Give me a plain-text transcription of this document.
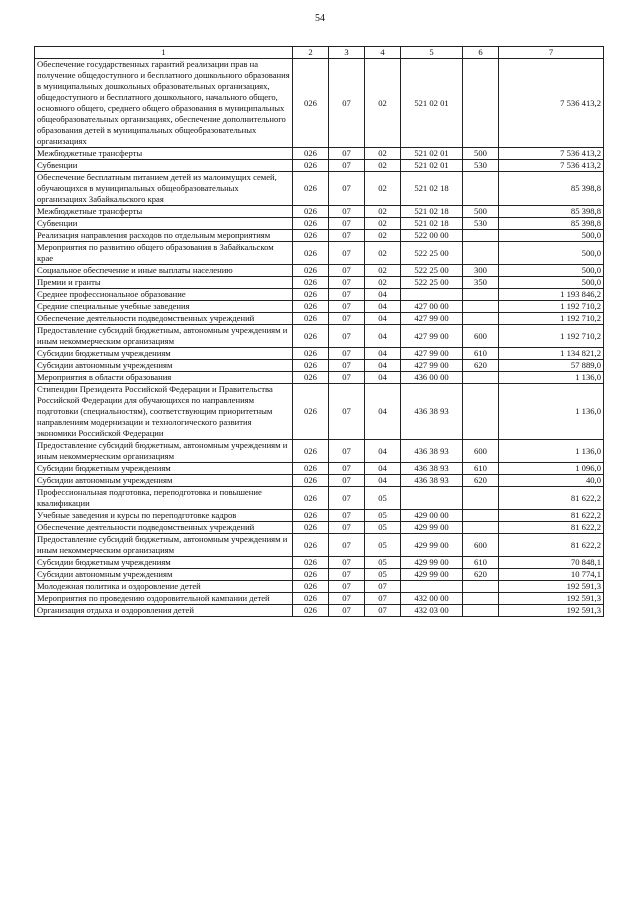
54
1	2	3	4	5	6	7
Обеспечение государственных гарантий реализации прав на получение общедоступного и бесплатного дошкольного образования в муниципальных дошкольных образовательных организациях, общедоступного и бесплатного дошкольного, начального общего, основного общего, среднего общего образования в муниципальных общеобразовательных организациях, обеспечение дополнительного образования детей в муниципальных общеобразовательных организациях	026	07	02	521 02 01		7 536 413,2
Межбюджетные трансферты	026	07	02	521 02 01	500	7 536 413,2
Субвенции	026	07	02	521 02 01	530	7 536 413,2
Обеспечение бесплатным питанием детей из малоимущих семей, обучающихся в муниципальных общеобразовательных организациях Забайкальского края	026	07	02	521 02 18		85 398,8
Межбюджетные трансферты	026	07	02	521 02 18	500	85 398,8
Субвенции	026	07	02	521 02 18	530	85 398,8
Реализация направления расходов по отдельным мероприятиям	026	07	02	522 00 00		500,0
Мероприятия по развитию общего образования в Забайкальском крае	026	07	02	522 25 00		500,0
Социальное обеспечение и иные выплаты населению	026	07	02	522 25 00	300	500,0
Премии и гранты	026	07	02	522 25 00	350	500,0
Среднее профессиональное образование	026	07	04			1 193 846,2
Средние специальные учебные заведения	026	07	04	427 00 00		1 192 710,2
Обеспечение деятельности подведомственных учреждений	026	07	04	427 99 00		1 192 710,2
Предоставление субсидий бюджетным, автономным учреждениям и иным некоммерческим организациям	026	07	04	427 99 00	600	1 192 710,2
Субсидии бюджетным учреждениям	026	07	04	427 99 00	610	1 134 821,2
Субсидии автономным учреждениям	026	07	04	427 99 00	620	57 889,0
Мероприятия в области образования	026	07	04	436 00 00		1 136,0
Стипендии Президента Российской Федерации и Правительства Российской Федерации для обучающихся по направлениям подготовки (специальностям), соответствующим приоритетным направлениям модернизации и технологического развития экономики Российской Федерации	026	07	04	436 38 93		1 136,0
Предоставление субсидий бюджетным, автономным учреждениям и иным некоммерческим организациям	026	07	04	436 38 93	600	1 136,0
Субсидии бюджетным учреждениям	026	07	04	436 38 93	610	1 096,0
Субсидии автономным учреждениям	026	07	04	436 38 93	620	40,0
Профессиональная подготовка, переподготовка и повышение квалификации	026	07	05			81 622,2
Учебные заведения и курсы по переподготовке кадров	026	07	05	429 00 00		81 622,2
Обеспечение деятельности подведомственных учреждений	026	07	05	429 99 00		81 622,2
Предоставление субсидий бюджетным, автономным учреждениям и иным некоммерческим организациям	026	07	05	429 99 00	600	81 622,2
Субсидии бюджетным учреждениям	026	07	05	429 99 00	610	70 848,1
Субсидии автономным учреждениям	026	07	05	429 99 00	620	10 774,1
Молодежная политика и оздоровление детей	026	07	07			192 591,3
Мероприятия по проведению оздоровительной кампании детей	026	07	07	432 00 00		192 591,3
Организация отдыха и оздоровления детей	026	07	07	432 03 00		192 591,3
